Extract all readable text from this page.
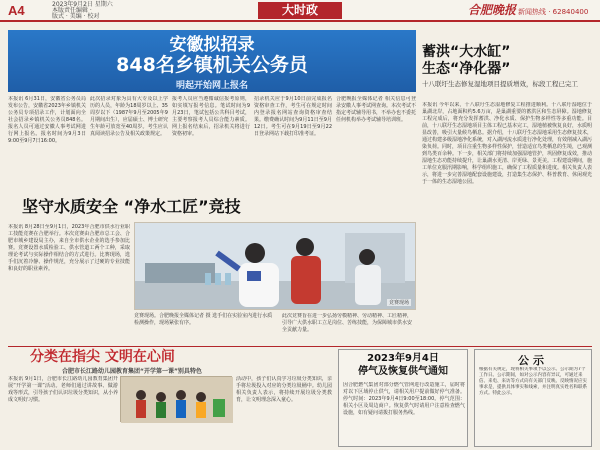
A4	2023年9月2日 星期六
本版责任编辑 ·
版式 · 美编 · 校对	大时政	合肥晚报 新闻热线 · 62840400
安徽拟招录
848名乡镇机关公务员
明起开始网上报名

本报讯 6月31日，安徽省公务员局发布公告，安徽省2023年乡镇机关公务员专项招录工作，计划面向全社会招录乡镇机关公务员848名。报名人员可通过安徽人事考试网进行网上报名。报名时间为9月3日9:00至9月7日16:00。

此次招录对象为具有大专及以上学历的人员，年龄为18周岁以上、35周岁以下（1987年9月至2005年9月期间出生），应届硕士、博士研究生年龄可放宽至40周岁。考生应认真阅读招录公告及相关政策规定。

报考人员应当遵循诚信报考原则，如实填写报考信息。笔试时间为9月23日，笔试包括公共科目考试，主要考察报考人员综合能力素质。网上报名结束后，招录机关将进行资格初审。

招录机关应于9月10日前完成报名资格审查工作，考生可在规定时间内登录报名网站查询资格审查结果。缴费确认时间为9月11日至9月12日。考生可在9月19日至9月22日登录网站下载打印准考证。

合肥晚报全媒体记者 相关信息可登录安徽人事考试网查询。本次考试不指定考试辅导用书，不举办也不委托任何机构举办考试辅导培训班。

蓄洪“大水缸”
生态“净化器”
十八联圩生态修复湿地项目提质增效，标段工程已完工
本报讯 今年以来，十八联圩生态湿地修复工程推进顺利。十八联圩湿地位于巢湖北岸，占地面积约5.6万亩，是巢湖重要的蓄洪区和生态屏障。湿地修复工程完成后，将充分发挥蓄洪、净化水质、保护生物多样性等多重功能。目前，十八联圩生态湿地项目主体工程已基本完工，湿地植被恢复良好，水质明显改善，吸引大量候鸟栖息。据介绍，十八联圩生态湿地采用生态修复技术，通过构建多级湿地净化系统，对入湖河流水质进行净化处理，有效削减入湖污染负荷。同时，项目注重生物多样性保护，营造适宜鸟类栖息的生境，已观测到鸟类百余种。下一步，相关部门将持续加强湿地管护，巩固修复成效，推动湿地生态功能持续提升，让巢湖水更清、岸更绿、景更美。工程建设期间，施工单位克服汛期影响，科学组织施工，确保了工程质量和进度。相关负责人表示，将进一步完善湿地配套设施建设，打造集生态保护、科普教育、休闲观光于一体的生态湿地公园。
坚守水质安全 “净水工匠”竞技
本报讯 8月28日至9月1日，2023年合肥市供水行业职工技能竞赛在合肥举行。本次竞赛由合肥市总工会、合肥市城乡建设局主办，来自全市供水企业的选手参加比赛。竞赛设置水质检验工、供水管道工两个工种，采取理论考试与实际操作相结合的方式进行。比赛现场，选手们沉着冷静、操作规范，充分展示了过硬的专业技能和良好的职业素养。
竞赛现场
竞赛现场。合肥晚报全媒体记者 摄 选手们在实验室内进行水质检测操作，现场紧张有序。
此次竞赛旨在进一步弘扬劳模精神、劳动精神、工匠精神，引导广大供水职工立足岗位、苦练技能，为保障城市供水安全贡献力量。
分类在指尖 文明在心间
合肥市长江路幼儿园教育集团“开学第一课”别具特色
本报讯 9月1日，合肥市长江路幼儿园教育集团开展“开学第一课”活动。老师们通过讲故事、做游戏等形式，引导孩子们认识垃圾分类知识，从小养成文明好习惯。
活动中，孩子们认真学习垃圾分类知识，亲手将垃圾投入对应的分类垃圾桶中。幼儿园相关负责人表示，将持续开展垃圾分类教育，让文明理念深入童心。
2023年9月4日
停气及恢复供气通知
因合肥燃气集团对部分燃气管网进行改造施工，届时将对以下区域停止供气，请相关用户提前做好停气准备。停气时间：2023年9月4日9:00至18:00。停气范围：相关小区及周边商户。恢复供气时请用户注意检查燃气设施，如有疑问请拨打服务热线。
公示
根据有关规定，现将相关事项予以公示。公示期为7个工作日。公示期间，如对公示内容有异议，可通过来信、来电、来访等方式向有关部门反映。反映情况应实事求是，提供具体事实和线索，并注明真实姓名和联系方式。特此公示。
